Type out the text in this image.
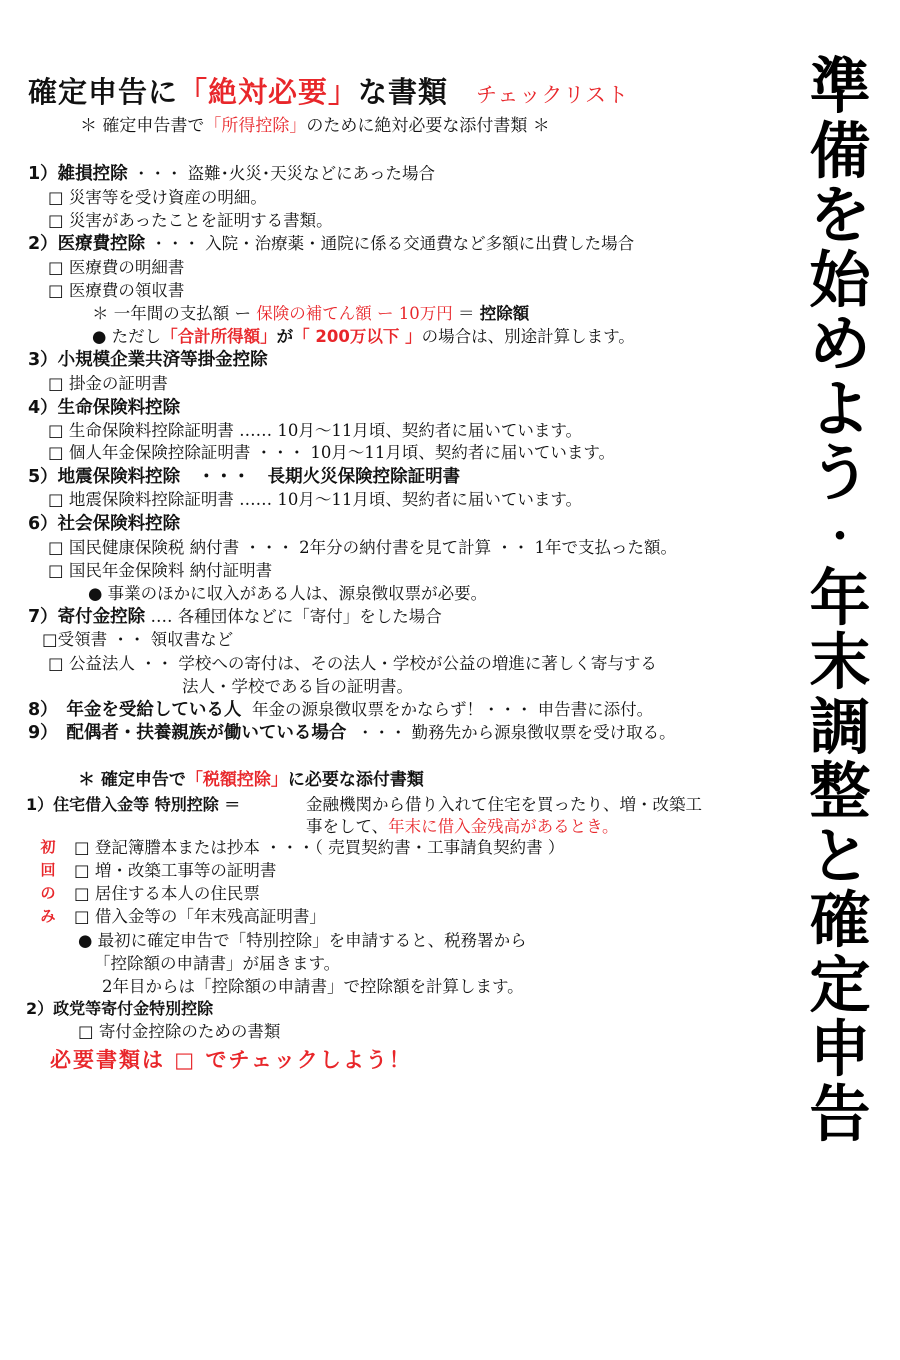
確定申告に「絶対必要」な書類 チェックリスト
＊ 確定申告書で「所得控除」のために絶対必要な添付書類 ＊
1）雑損控除 ・・・ 盗難･火災･天災などにあった場合
□ 災害等を受け資産の明細。
□ 災害があったことを証明する書類。
2）医療費控除 ・・・ 入院・治療薬・通院に係る交通費など多額に出費した場合
□ 医療費の明細書
□ 医療費の領収書
＊ 一年間の支払額 ー 保険の補てん額 ー 10万円 ＝ 控除額
● ただし「合計所得額」が「 200万以下 」の場合は、別途計算します。
3）小規模企業共済等掛金控除
□ 掛金の証明書
4）生命保険料控除
□ 生命保険料控除証明書 ‥‥‥ 10月～11月頃、契約者に届いています。
□ 個人年金保険控除証明書 ・・・ 10月～11月頃、契約者に届いています。
5）地震保険料控除　・・・　長期火災保険控除証明書
□ 地震保険料控除証明書 ‥‥‥ 10月～11月頃、契約者に届いています。
6）社会保険料控除
□ 国民健康保険税 納付書 ・・・ 2年分の納付書を見て計算 ・・ 1年で支払った額。
□ 国民年金保険料 納付証明書
● 事業のほかに収入がある人は、源泉徴収票が必要。
7）寄付金控除 ‥‥ 各種団体などに「寄付」をした場合
□受領書 ・・ 領収書など
□ 公益法人 ・・ 学校への寄付は、その法人・学校が公益の増進に著しく寄与する
法人・学校である旨の証明書。
8）　年金を受給している人 年金の源泉徴収票をかならず！・・・ 申告書に添付。
9）　配偶者・扶養親族が働いている場合 ・・・ 勤務先から源泉徴収票を受け取る。
＊ 確定申告で「税額控除」に必要な添付書類
1）住宅借入金等 特別控除 ＝	金融機関から借り入れて住宅を買ったり、増・改築工
事をして、年末に借入金残高があるとき。
初
回
の
み
□ 登記簿謄本または抄本 ・・・（ 売買契約書・工事請負契約書 ）
□ 増・改築工事等の証明書
□ 居住する本人の住民票
□ 借入金等の「年末残高証明書」
● 最初に確定申告で「特別控除」を申請すると、税務署から
「控除額の申請書」が届きます。
2年目からは「控除額の申請書」で控除額を計算します。
2）政党等寄付金特別控除
□ 寄付金控除のための書類
必要書類は □ でチェックしよう！
準
備
を
始
め
よ
う
・
年
末
調
整
と
確
定
申
告
